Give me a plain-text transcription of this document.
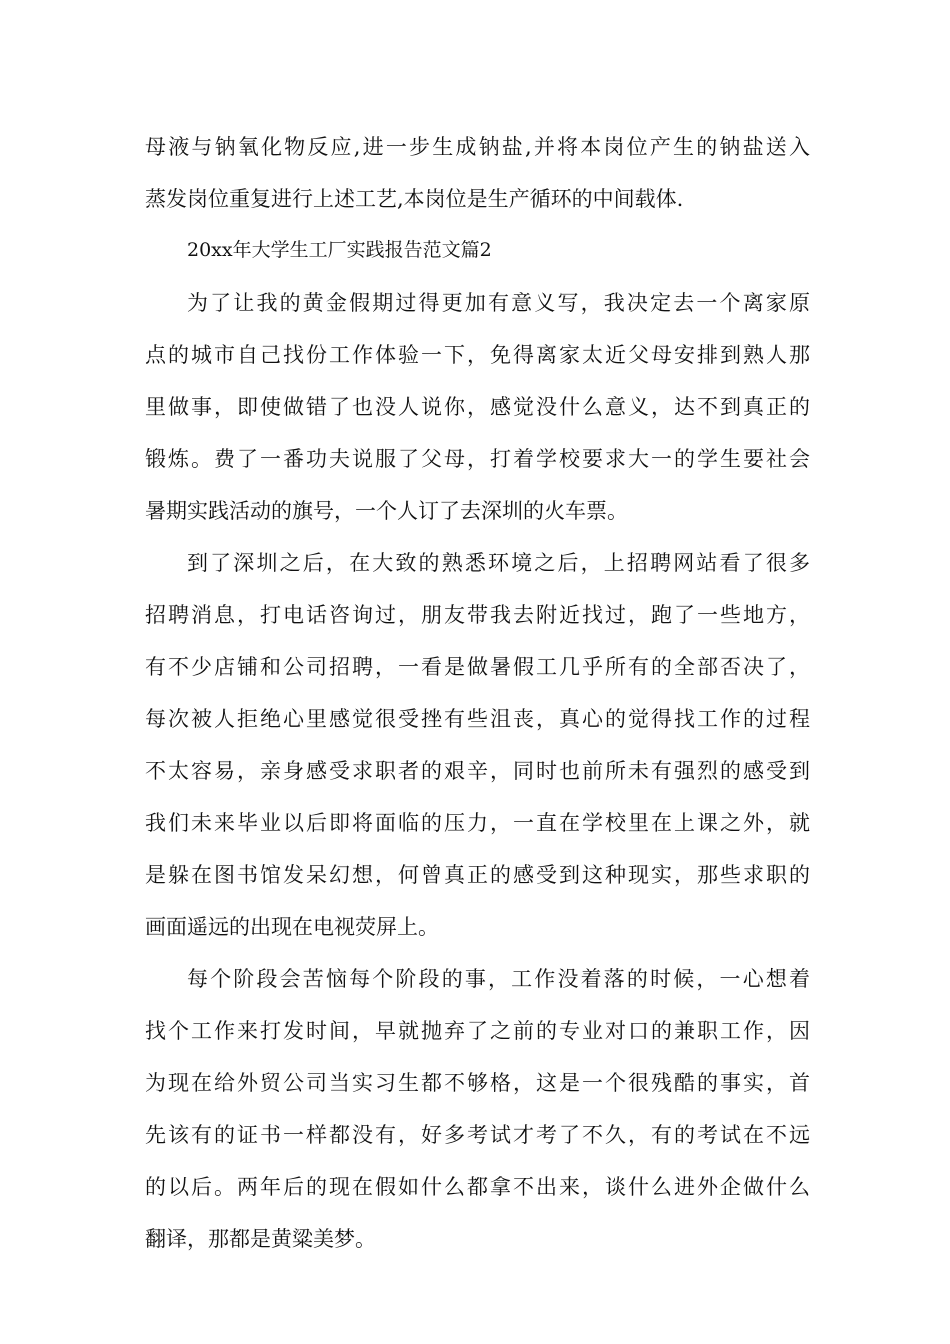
母液与钠氧化物反应,进一步生成钠盐,并将本岗位产生的钠盐送入
蒸发岗位重复进行上述工艺,本岗位是生产循环的中间载体.
20xx年大学生工厂实践报告范文篇2
为了让我的黄金假期过得更加有意义写，我决定去一个离家原
点的城市自己找份工作体验一下，免得离家太近父母安排到熟人那
里做事，即使做错了也没人说你，感觉没什么意义，达不到真正的
锻炼。费了一番功夫说服了父母，打着学校要求大一的学生要社会
暑期实践活动的旗号，一个人订了去深圳的火车票。
到了深圳之后，在大致的熟悉环境之后，上招聘网站看了很多
招聘消息，打电话咨询过，朋友带我去附近找过，跑了一些地方，
有不少店铺和公司招聘，一看是做暑假工几乎所有的全部否决了，
每次被人拒绝心里感觉很受挫有些沮丧，真心的觉得找工作的过程
不太容易，亲身感受求职者的艰辛，同时也前所未有强烈的感受到
我们未来毕业以后即将面临的压力，一直在学校里在上课之外，就
是躲在图书馆发呆幻想，何曾真正的感受到这种现实，那些求职的
画面遥远的出现在电视荧屏上。
每个阶段会苦恼每个阶段的事，工作没着落的时候，一心想着
找个工作来打发时间，早就抛弃了之前的专业对口的兼职工作，因
为现在给外贸公司当实习生都不够格，这是一个很残酷的事实，首
先该有的证书一样都没有，好多考试才考了不久，有的考试在不远
的以后。两年后的现在假如什么都拿不出来，谈什么进外企做什么
翻译，那都是黄粱美梦。
